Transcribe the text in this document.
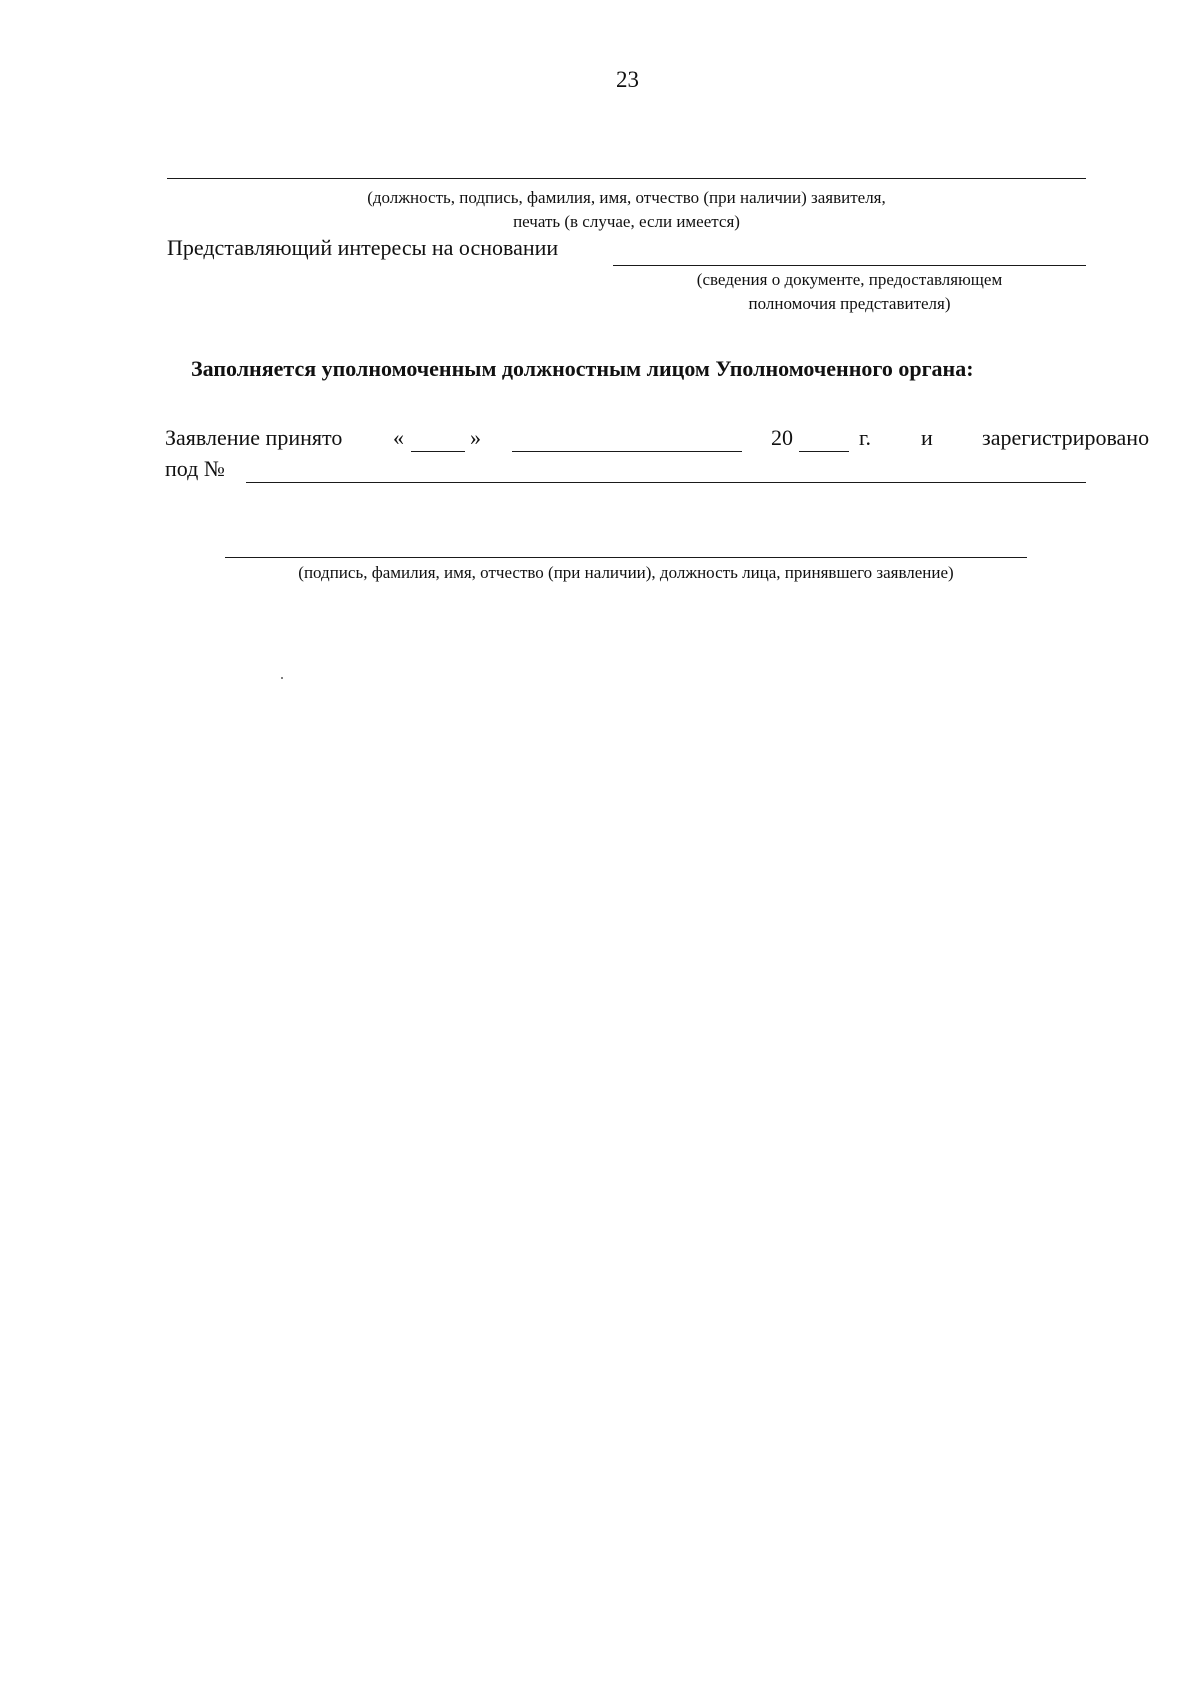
23
(должность, подпись, фамилия, имя, отчество (при наличии) заявителя,
печать (в случае, если имеется)
Представляющий интересы на основании
(сведения о документе, предоставляющем
полномочия представителя)
Заполняется уполномоченным должностным лицом Уполномоченного органа:
Заявление принято «	»	20	г. и зарегистрировано
под №
(подпись, фамилия, имя, отчество (при наличии), должность лица, принявшего заявление)
